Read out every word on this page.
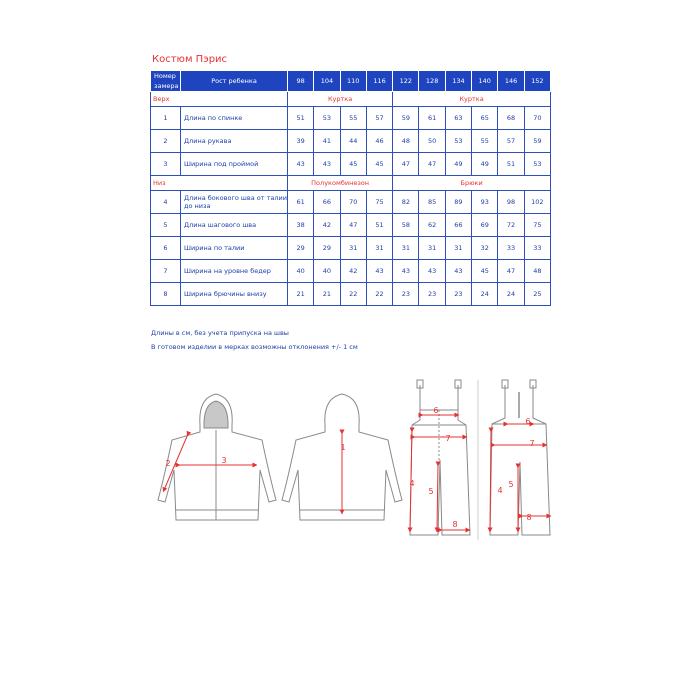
Костюм Пэрис
Номер замера	Рост ребенка	98	104	110	116	122	128	134	140	146	152
Верх		Куртка				Куртка					
1	Длина по спинке	51	53	55	57	59	61	63	65	68	70
2	Длина рукава	39	41	44	46	48	50	53	55	57	59
3	Ширина под проймой	43	43	45	45	47	47	49	49	51	53
Низ		Полукомбинезон				Брюки					
4	Длина бокового шва от талии до низа	61	66	70	75	82	85	89	93	98	102
5	Длина шагового шва	38	42	47	51	58	62	66	69	72	75
6	Ширина по талии	29	29	31	31	31	31	31	32	33	33
7	Ширина на уровне бедер	40	40	42	43	43	43	43	45	47	48
8	Ширина брючины внизу	21	21	22	22	23	23	23	24	24	25
Длины в см, без учета припуска на швы
В готовом изделии в мерках возможны отклонения +/- 1 см
2	3
1
6
7
4
5
8
6
7
5
4
8
